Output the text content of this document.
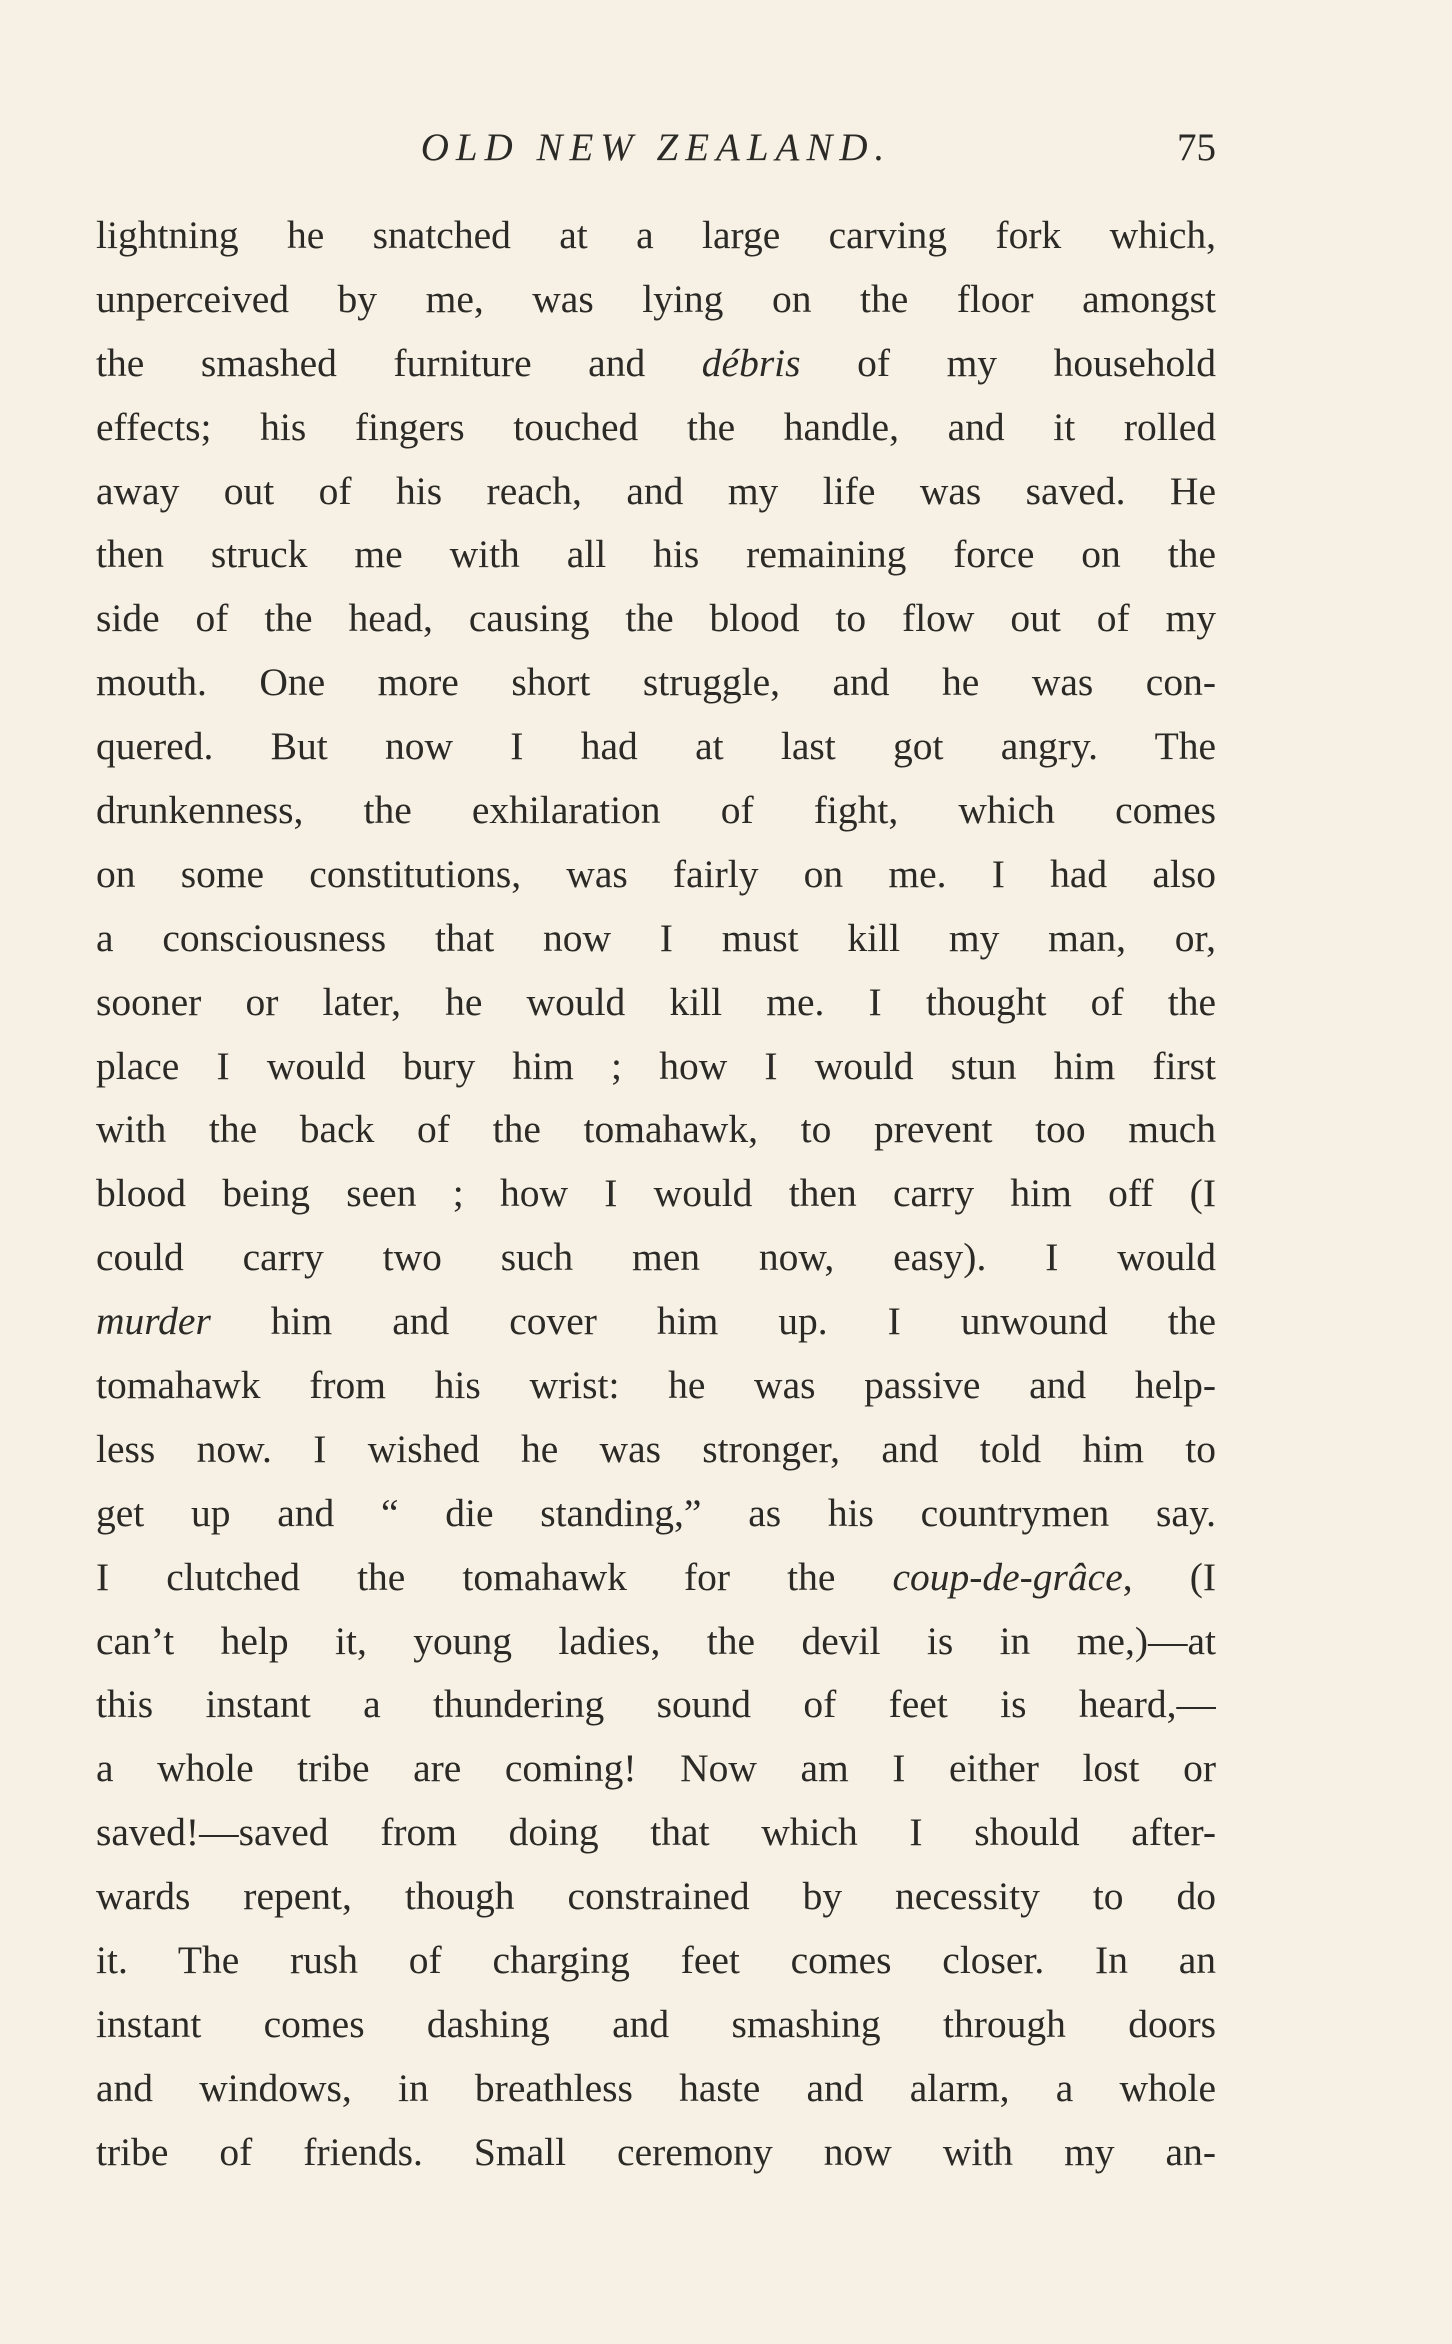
OLD NEW ZEALAND.	75
lightning he snatched at a large carving fork which,
unperceived by me, was lying on the floor amongst
the smashed furniture and débris of my household
effects; his fingers touched the handle, and it rolled
away out of his reach, and my life was saved. He
then struck me with all his remaining force on the
side of the head, causing the blood to flow out of my
mouth. One more short struggle, and he was con-
quered. But now I had at last got angry. The
drunkenness, the exhilaration of fight, which comes
on some constitutions, was fairly on me. I had also
a consciousness that now I must kill my man, or,
sooner or later, he would kill me. I thought of the
place I would bury him ; how I would stun him first
with the back of the tomahawk, to prevent too much
blood being seen ; how I would then carry him off (I
could carry two such men now, easy). I would
murder him and cover him up. I unwound the
tomahawk from his wrist: he was passive and help-
less now. I wished he was stronger, and told him to
get up and “ die standing,” as his countrymen say.
I clutched the tomahawk for the coup-de-grâce, (I
can’t help it, young ladies, the devil is in me,)—at
this instant a thundering sound of feet is heard,—
a whole tribe are coming! Now am I either lost or
saved!—saved from doing that which I should after-
wards repent, though constrained by necessity to do
it. The rush of charging feet comes closer. In an
instant comes dashing and smashing through doors
and windows, in breathless haste and alarm, a whole
tribe of friends. Small ceremony now with my an-
